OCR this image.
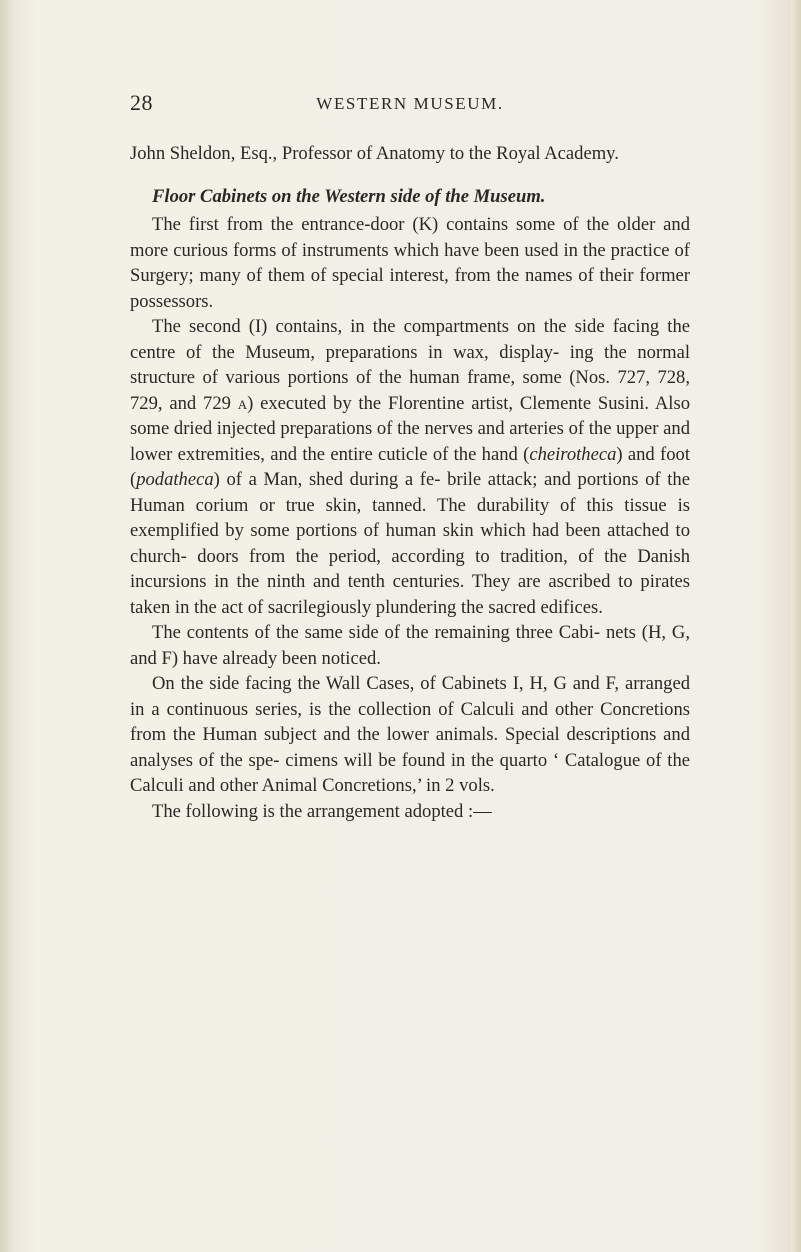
28	WESTERN MUSEUM.

John Sheldon, Esq., Professor of Anatomy to the Royal Academy.

Floor Cabinets on the Western side of the Museum.

The first from the entrance-door (K) contains some of the older and more curious forms of instruments which have been used in the practice of Surgery; many of them of special interest, from the names of their former possessors.

The second (I) contains, in the compartments on the side facing the centre of the Museum, preparations in wax, display- ing the normal structure of various portions of the human frame, some (Nos. 727, 728, 729, and 729 a) executed by the Florentine artist, Clemente Susini. Also some dried injected preparations of the nerves and arteries of the upper and lower extremities, and the entire cuticle of the hand (cheirotheca) and foot (podatheca) of a Man, shed during a fe- brile attack; and portions of the Human corium or true skin, tanned. The durability of this tissue is exemplified by some portions of human skin which had been attached to church- doors from the period, according to tradition, of the Danish incursions in the ninth and tenth centuries. They are ascribed to pirates taken in the act of sacrilegiously plundering the sacred edifices.

The contents of the same side of the remaining three Cabi- nets (H, G, and F) have already been noticed.

On the side facing the Wall Cases, of Cabinets I, H, G and F, arranged in a continuous series, is the collection of Calculi and other Concretions from the Human subject and the lower animals. Special descriptions and analyses of the spe- cimens will be found in the quarto ‘ Catalogue of the Calculi and other Animal Concretions,’ in 2 vols.

The following is the arrangement adopted :—
